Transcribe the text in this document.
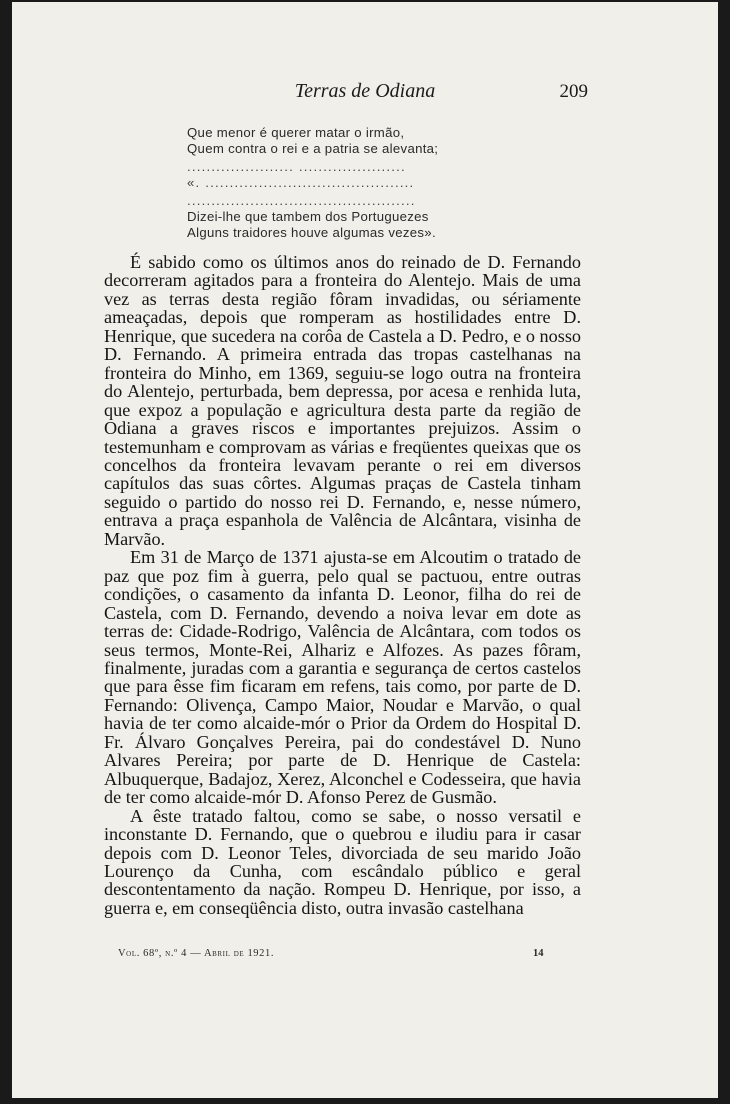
Terras de Odiana	209
Que menor é querer matar o irmão,
Quem contra o rei e a patria se alevanta;
...................... ......................
«. ...........................................
...............................................
Dizei-lhe que tambem dos Portuguezes
Alguns traidores houve algumas vezes».

É sabido como os últimos anos do reinado de D. Fernando decorreram agitados para a fronteira do Alentejo. Mais de uma vez as terras desta região fôram invadidas, ou sériamente ameaçadas, depois que romperam as hostilidades entre D. Henrique, que sucedera na corôa de Castela a D. Pedro, e o nosso D. Fernando. A primeira entrada das tropas castelhanas na fronteira do Minho, em 1369, seguiu-se logo outra na fronteira do Alentejo, perturbada, bem depressa, por acesa e renhida luta, que expoz a população e agricultura desta parte da região de Odiana a graves riscos e importantes prejuizos. Assim o testemunham e comprovam as várias e freqüentes queixas que os concelhos da fronteira levavam perante o rei em diversos capítulos das suas côrtes. Algumas praças de Castela tinham seguido o partido do nosso rei D. Fernando, e, nesse número, entrava a praça espanhola de Valência de Alcântara, visinha de Marvão.

Em 31 de Março de 1371 ajusta-se em Alcoutim o tratado de paz que poz fim à guerra, pelo qual se pactuou, entre outras condições, o casamento da infanta D. Leonor, filha do rei de Castela, com D. Fernando, devendo a noiva levar em dote as terras de: Cidade-Rodrigo, Valência de Alcântara, com todos os seus termos, Monte-Rei, Alhariz e Alfozes. As pazes fôram, finalmente, juradas com a garantia e segurança de certos castelos que para êsse fim ficaram em refens, tais como, por parte de D. Fernando: Olivença, Campo Maior, Noudar e Marvão, o qual havia de ter como alcaide-mór o Prior da Ordem do Hospital D. Fr. Álvaro Gonçalves Pereira, pai do condestável D. Nuno Alvares Pereira; por parte de D. Henrique de Castela: Albuquerque, Badajoz, Xerez, Alconchel e Codesseira, que havia de ter como alcaide-mór D. Afonso Perez de Gusmão.

A êste tratado faltou, como se sabe, o nosso versatil e inconstante D. Fernando, que o quebrou e iludiu para ir casar depois com D. Leonor Teles, divorciada de seu marido João Lourenço da Cunha, com escândalo público e geral descontentamento da nação. Rompeu D. Henrique, por isso, a guerra e, em conseqüência disto, outra invasão castelhana

Vol. 68º, n.º 4 — Abril de 1921.	14
